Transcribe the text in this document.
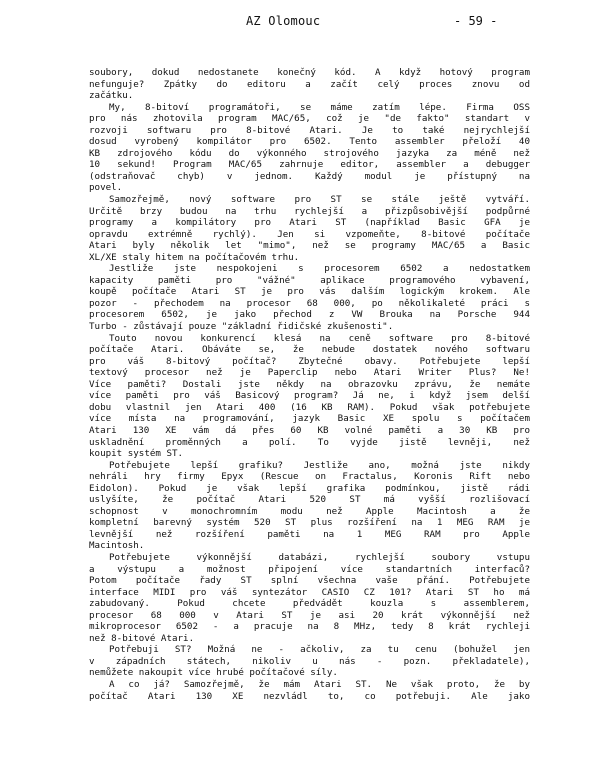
AZ Olomouc	- 59 -
soubory, dokud nedostanete konečný kód. A když hotový program
nefunguje? Zpátky do editoru a začít celý proces znovu od
začátku.
My, 8-bitoví programátoři, se máme zatím lépe. Firma OSS
pro nás zhotovila program MAC/65, což je "de fakto" standart v
rozvoji softwaru pro 8-bitové Atari. Je to také nejrychlejší
dosud vyrobený kompilátor pro 6502. Tento assembler přeloží 40
KB zdrojového kódu do výkonného strojového jazyka za méně než
10 sekund! Program MAC/65 zahrnuje editor, assembler a debugger
(odstraňovač chyb) v jednom. Každý modul je přístupný na
povel.
Samozřejmě, nový software pro ST se stále ještě vytváří.
Určitě brzy budou na trhu rychlejší a přizpůsobivější podpůrné
programy a kompilátory pro Atari ST (například Basic GFA je
opravdu extrémně rychlý). Jen si vzpomeňte, 8-bitové počítače
Atari byly několik let "mimo", než se programy MAC/65 a Basic
XL/XE staly hitem na počítačovém trhu.
Jestliže jste nespokojeni s procesorem 6502 a nedostatkem
kapacity paměti pro "vážné" aplikace programového vybavení,
koupě počítače Atari ST je pro vás dalším logickým krokem. Ale
pozor - přechodem na procesor 68 000, po několikaleté práci s
procesorem 6502, je jako přechod z VW Brouka na Porsche 944
Turbo - zůstávají pouze "základní řidičské zkušenosti".
Touto novou konkurencí klesá na ceně software pro 8-bitové
počítače Atari. Obáváte se, že nebude dostatek nového softwaru
pro váš 8-bitový počítač? Zbytečné obavy. Potřebujete lepší
textový procesor než je Paperclip nebo Atari Writer Plus? Ne!
Více paměti? Dostali jste někdy na obrazovku zprávu, že nemáte
více paměti pro váš Basicový program? Já ne, i když jsem delší
dobu vlastnil jen Atari 400 (16 KB RAM). Pokud však potřebujete
více místa na programování, jazyk Basic XE spolu s počítačem
Atari 130 XE vám dá přes 60 KB volné paměti a 30 KB pro
uskladnění proměnných a polí. To vyjde jistě levněji, než
koupit systém ST.
Potřebujete lepší grafiku? Jestliže ano, možná jste nikdy
nehráli hry firmy Epyx (Rescue on Fractalus, Koronis Rift nebo
Eidolon). Pokud je však lepší grafika podmínkou, jistě rádi
uslyšíte, že počítač Atari 520 ST má vyšší rozlišovací
schopnost v monochromním modu než Apple Macintosh a že
kompletní barevný systém 520 ST plus rozšíření na 1 MEG RAM je
levnější než rozšíření paměti na 1 MEG RAM pro Apple
Macintosh.
Potřebujete výkonnější databázi, rychlejší soubory vstupu
a výstupu a možnost připojení více standartních interfaců?
Potom počítače řady ST splní všechna vaše přání. Potřebujete
interface MIDI pro váš syntezátor CASIO CZ 101? Atari ST ho má
zabudovaný. Pokud chcete předvádět kouzla s assemblerem,
procesor 68 000 v Atari ST je asi 20 krát výkonnější než
mikroprocesor 6502 - a pracuje na 8 MHz, tedy 8 krát rychleji
než 8-bitové Atari.
Potřebuji ST? Možná ne - ačkoliv, za tu cenu (bohužel jen
v západních státech, nikoliv u nás - pozn. překladatele),
nemůžete nakoupit více hrubé počítačové síly.
A co já? Samozřejmě, že mám Atari ST. Ne však proto, že by
počítač Atari 130 XE nezvládl to, co potřebuji. Ale jako
